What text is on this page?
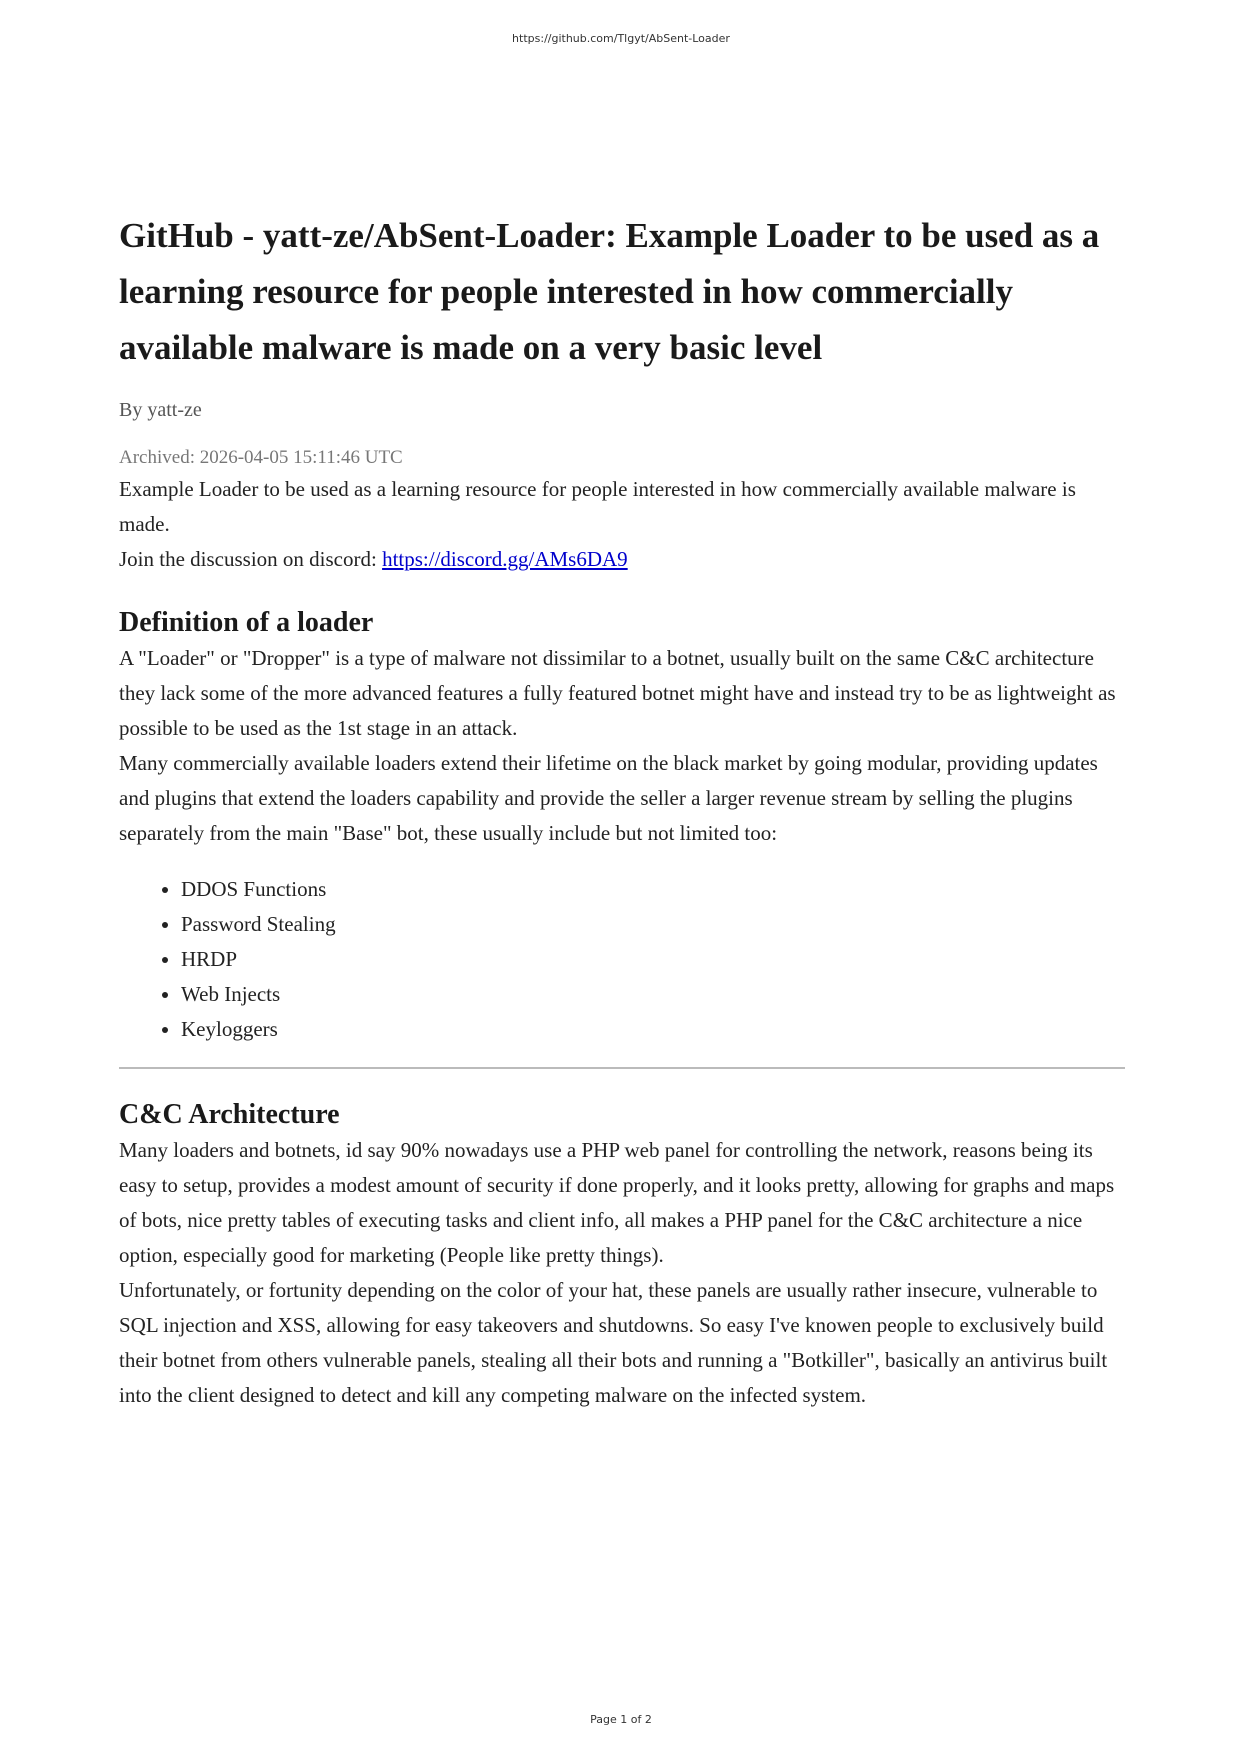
https://github.com/Tlgyt/AbSent-Loader
GitHub - yatt-ze/AbSent-Loader: Example Loader to be used as a learning resource for people interested in how commercially available malware is made on a very basic level
By yatt-ze
Archived: 2026-04-05 15:11:46 UTC

Example Loader to be used as a learning resource for people interested in how commercially available malware is made.

Join the discussion on discord: https://discord.gg/AMs6DA9

Definition of a loader

A "Loader" or "Dropper" is a type of malware not dissimilar to a botnet, usually built on the same C&C architecture they lack some of the more advanced features a fully featured botnet might have and instead try to be as lightweight as possible to be used as the 1st stage in an attack.

Many commercially available loaders extend their lifetime on the black market by going modular, providing updates and plugins that extend the loaders capability and provide the seller a larger revenue stream by selling the plugins separately from the main "Base" bot, these usually include but not limited too:

• DDOS Functions
• Password Stealing
• HRDP
• Web Injects
• Keyloggers
C&C Architecture

Many loaders and botnets, id say 90% nowadays use a PHP web panel for controlling the network, reasons being its easy to setup, provides a modest amount of security if done properly, and it looks pretty, allowing for graphs and maps of bots, nice pretty tables of executing tasks and client info, all makes a PHP panel for the C&C architecture a nice option, especially good for marketing (People like pretty things).

Unfortunately, or fortunity depending on the color of your hat, these panels are usually rather insecure, vulnerable to SQL injection and XSS, allowing for easy takeovers and shutdowns. So easy I've knowen people to exclusively build their botnet from others vulnerable panels, stealing all their bots and running a "Botkiller", basically an antivirus built into the client designed to detect and kill any competing malware on the infected system.

Page 1 of 2
